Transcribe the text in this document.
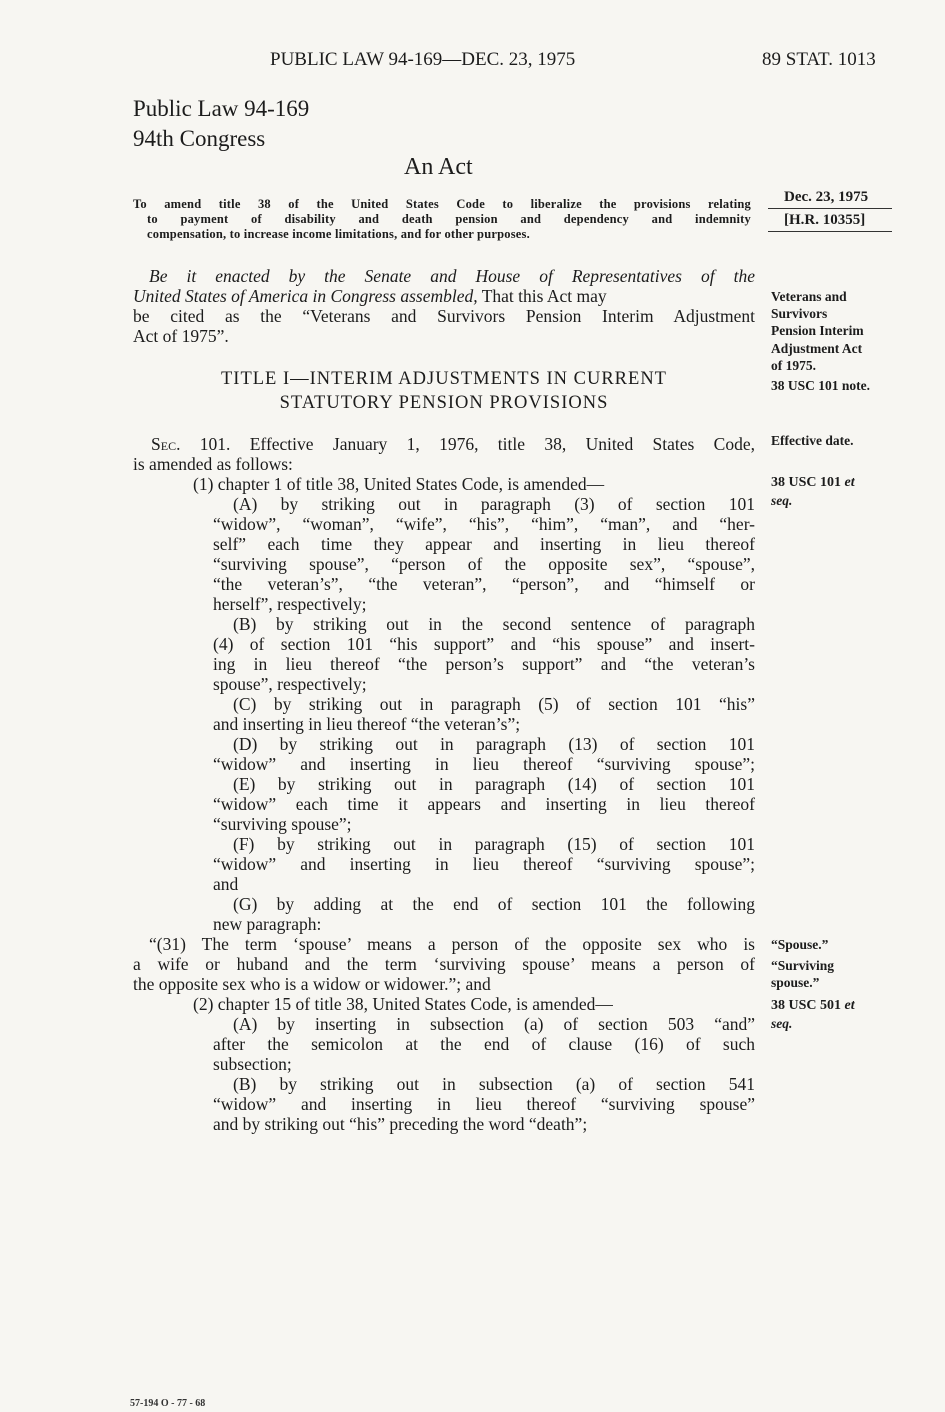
PUBLIC LAW 94-169—DEC. 23, 1975	89 STAT. 1013
Public Law 94-169
94th Congress
An Act
To amend title 38 of the United States Code to liberalize the provisions relating
to payment of disability and death pension and dependency and indemnity
compensation, to increase income limitations, and for other purposes.
Dec. 23, 1975
[H.R. 10355]
Be it enacted by the Senate and House of Representatives of the
United States of America in Congress assembled, That this Act may
be cited as the “Veterans and Survivors Pension Interim Adjustment
Act of 1975”.
Veterans and
Survivors
Pension Interim
Adjustment Act
of 1975.
38 USC 101 note.
TITLE I—INTERIM ADJUSTMENTS IN CURRENT
STATUTORY PENSION PROVISIONS
Sec. 101. Effective January 1, 1976, title 38, United States Code,
is amended as follows:
(1) chapter 1 of title 38, United States Code, is amended—
(A) by striking out in paragraph (3) of section 101
“widow”, “woman”, “wife”, “his”, “him”, “man”, and “her-
self” each time they appear and inserting in lieu thereof
“surviving spouse”, “person of the opposite sex”, “spouse”,
“the veteran’s”, “the veteran”, “person”, and “himself or
herself”, respectively;
(B) by striking out in the second sentence of paragraph
(4) of section 101 “his support” and “his spouse” and insert-
ing in lieu thereof “the person’s support” and “the veteran’s
spouse”, respectively;
(C) by striking out in paragraph (5) of section 101 “his”
and inserting in lieu thereof “the veteran’s”;
(D) by striking out in paragraph (13) of section 101
“widow” and inserting in lieu thereof “surviving spouse”;
(E) by striking out in paragraph (14) of section 101
“widow” each time it appears and inserting in lieu thereof
“surviving spouse”;
(F) by striking out in paragraph (15) of section 101
“widow” and inserting in lieu thereof “surviving spouse”;
and
(G) by adding at the end of section 101 the following
new paragraph:
“(31) The term ‘spouse’ means a person of the opposite sex who is
a wife or huband and the term ‘surviving spouse’ means a person of
the opposite sex who is a widow or widower.”; and
(2) chapter 15 of title 38, United States Code, is amended—
(A) by inserting in subsection (a) of section 503 “and”
after the semicolon at the end of clause (16) of such
subsection;
(B) by striking out in subsection (a) of section 541
“widow” and inserting in lieu thereof “surviving spouse”
and by striking out “his” preceding the word “death”;
Effective date.
38 USC 101 et
seq.
“Spouse.”
“Surviving
spouse.”
38 USC 501 et
seq.
57-194 O - 77 - 68
